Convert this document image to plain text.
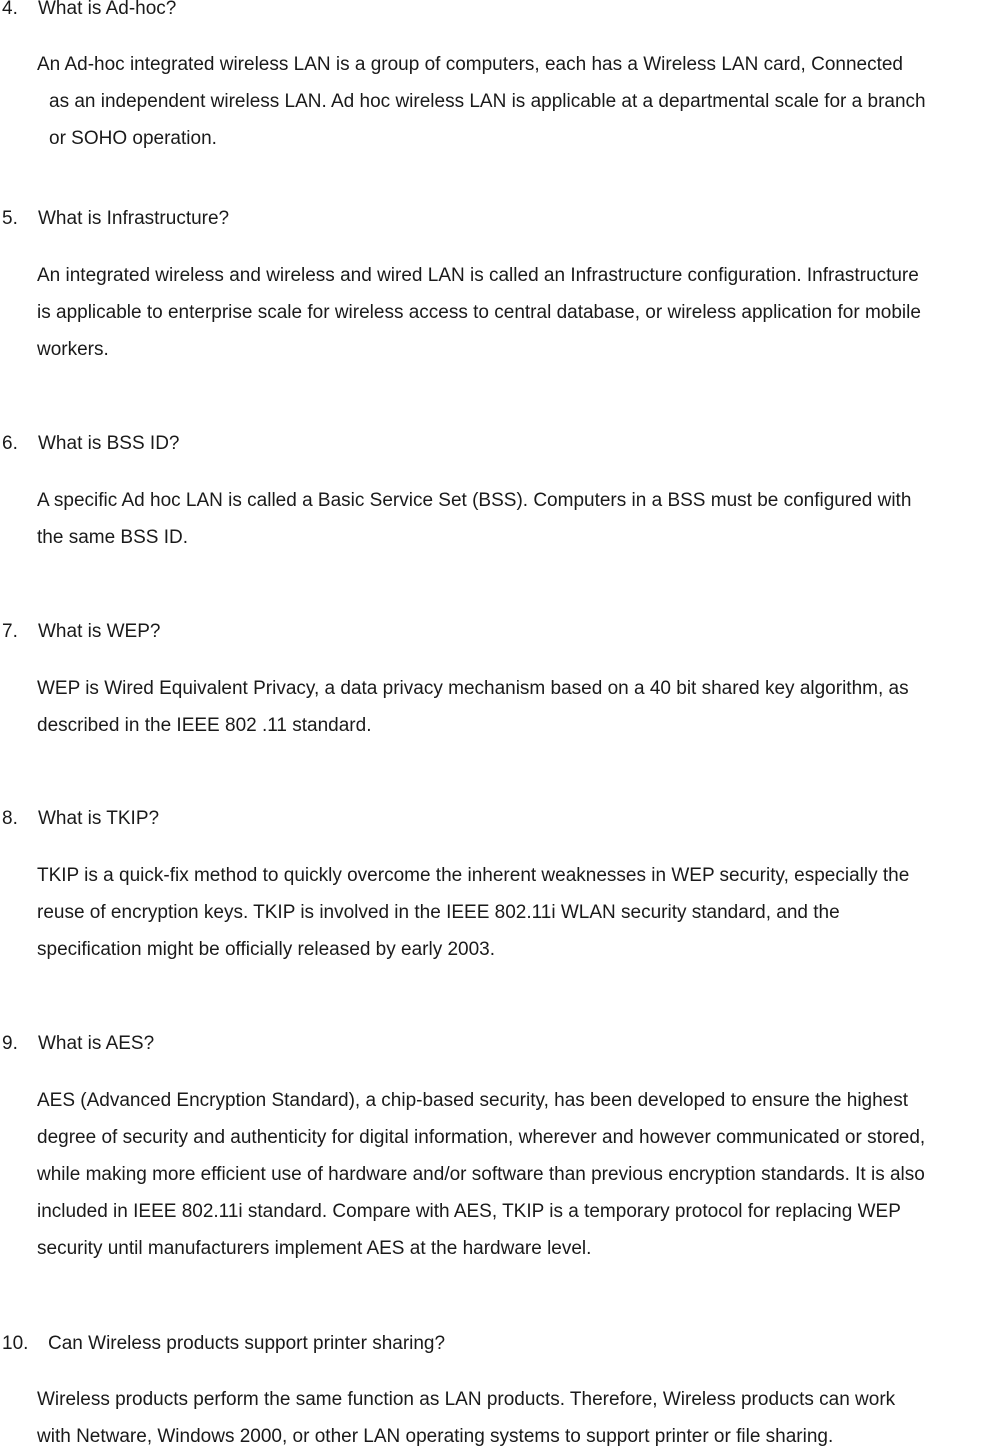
4. What is Ad-hoc?
An Ad-hoc integrated wireless LAN is a group of computers, each has a Wireless LAN card, Connected
as an independent wireless LAN. Ad hoc wireless LAN is applicable at a departmental scale for a branch
or SOHO operation.
5. What is Infrastructure?
An integrated wireless and wireless and wired LAN is called an Infrastructure configuration. Infrastructure
is applicable to enterprise scale for wireless access to central database, or wireless application for mobile
workers.
6. What is BSS ID?
A specific Ad hoc LAN is called a Basic Service Set (BSS). Computers in a BSS must be configured with
the same BSS ID.
7. What is WEP?
WEP is Wired Equivalent Privacy, a data privacy mechanism based on a 40 bit shared key algorithm, as
described in the IEEE 802 .11 standard.
8. What is TKIP?
TKIP is a quick-fix method to quickly overcome the inherent weaknesses in WEP security, especially the
reuse of encryption keys. TKIP is involved in the IEEE 802.11i WLAN security standard, and the
specification might be officially released by early 2003.
9. What is AES?
AES (Advanced Encryption Standard), a chip-based security, has been developed to ensure the highest
degree of security and authenticity for digital information, wherever and however communicated or stored,
while making more efficient use of hardware and/or software than previous encryption standards. It is also
included in IEEE 802.11i standard. Compare with AES, TKIP is a temporary protocol for replacing WEP
security until manufacturers implement AES at the hardware level.
10. Can Wireless products support printer sharing?
Wireless products perform the same function as LAN products. Therefore, Wireless products can work
with Netware, Windows 2000, or other LAN operating systems to support printer or file sharing.
